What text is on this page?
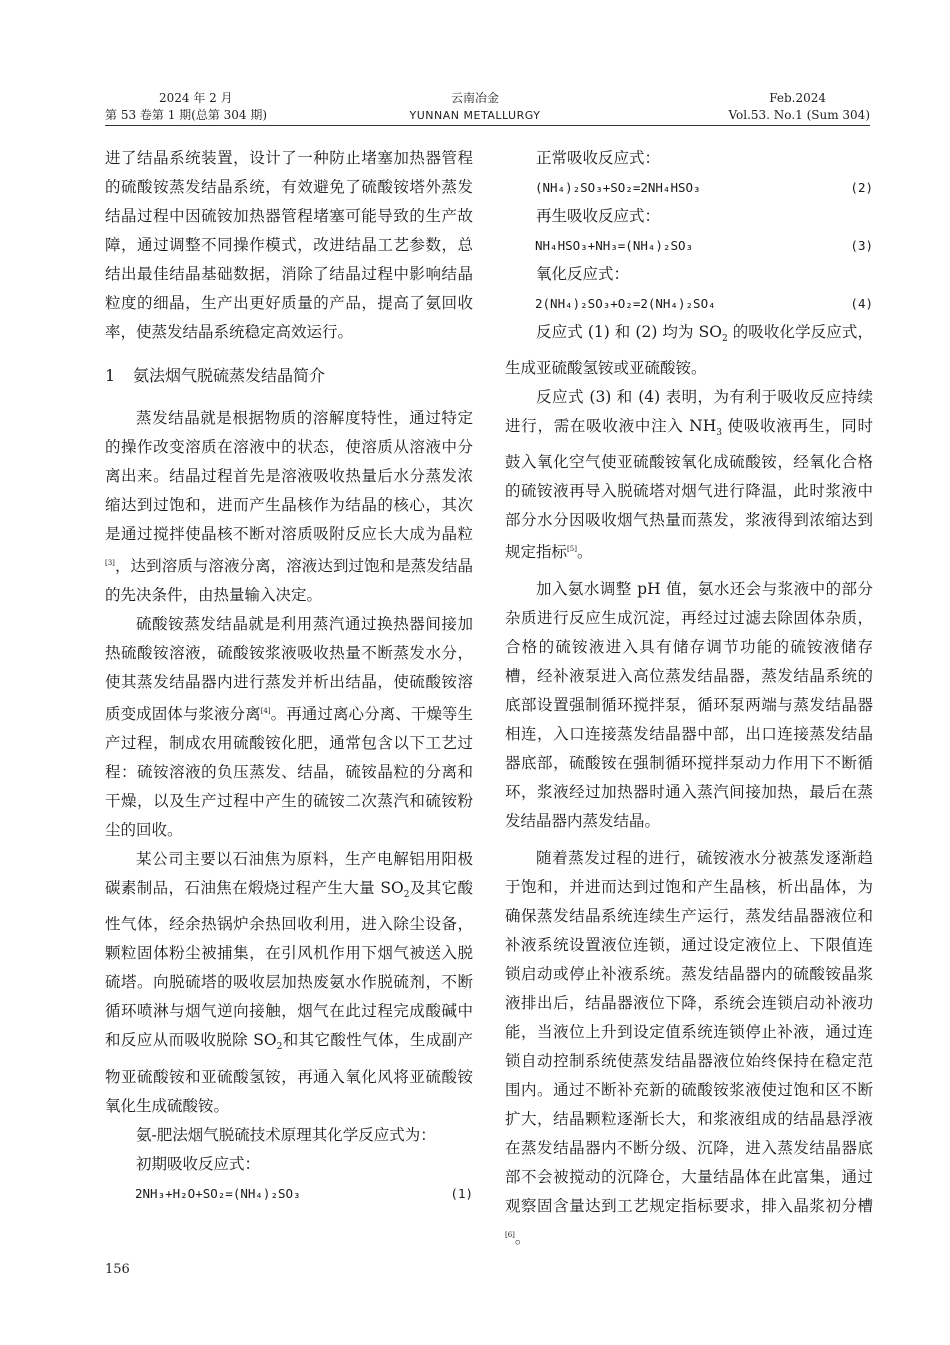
2024 年 2 月
第 53 卷第 1 期(总第 304 期)
云南冶金
YUNNAN METALLURGY
Feb.2024
Vol.53. No.1 (Sum 304)

进了结晶系统装置，设计了一种防止堵塞加热器管程的硫酸铵蒸发结晶系统，有效避免了硫酸铵塔外蒸发结晶过程中因硫铵加热器管程堵塞可能导致的生产故障，通过调整不同操作模式，改进结晶工艺参数，总结出最佳结晶基础数据，消除了结晶过程中影响结晶粒度的细晶，生产出更好质量的产品，提高了氨回收率，使蒸发结晶系统稳定高效运行。

1 氨法烟气脱硫蒸发结晶简介

蒸发结晶就是根据物质的溶解度特性，通过特定的操作改变溶质在溶液中的状态，使溶质从溶液中分离出来。结晶过程首先是溶液吸收热量后水分蒸发浓缩达到过饱和，进而产生晶核作为结晶的核心，其次是通过搅拌使晶核不断对溶质吸附反应长大成为晶粒[3]，达到溶质与溶液分离，溶液达到过饱和是蒸发结晶的先决条件，由热量输入决定。

硫酸铵蒸发结晶就是利用蒸汽通过换热器间接加热硫酸铵溶液，硫酸铵浆液吸收热量不断蒸发水分，使其蒸发结晶器内进行蒸发并析出结晶，使硫酸铵溶质变成固体与浆液分离[4]。再通过离心分离、干燥等生产过程，制成农用硫酸铵化肥，通常包含以下工艺过程：硫铵溶液的负压蒸发、结晶，硫铵晶粒的分离和干燥，以及生产过程中产生的硫铵二次蒸汽和硫铵粉尘的回收。

某公司主要以石油焦为原料，生产电解铝用阳极碳素制品，石油焦在煅烧过程产生大量 $SO_2$及其它酸性气体，经余热锅炉余热回收利用，进入除尘设备，颗粒固体粉尘被捕集，在引风机作用下烟气被送入脱硫塔。向脱硫塔的吸收层加热废氨水作脱硫剂，不断循环喷淋与烟气逆向接触，烟气在此过程完成酸碱中和反应从而吸收脱除 $SO_2$和其它酸性气体，生成副产物亚硫酸铵和亚硫酸氢铵，再通入氧化风将亚硫酸铵氧化生成硫酸铵。

氨-肥法烟气脱硫技术原理其化学反应式为：

初期吸收反应式：

2NH₃+H₂O+SO₂=(NH₄)₂SO₃	(1)

正常吸收反应式：

(NH₄)₂SO₃+SO₂=2NH₄HSO₃	(2)

再生吸收反应式：

NH₄HSO₃+NH₃=(NH₄)₂SO₃	(3)

氧化反应式：

2(NH₄)₂SO₃+O₂=2(NH₄)₂SO₄	(4)

反应式 (1) 和 (2) 均为 $SO_2$ 的吸收化学反应式，生成亚硫酸氢铵或亚硫酸铵。

反应式 (3) 和 (4) 表明，为有利于吸收反应持续进行，需在吸收液中注入 $NH_3$ 使吸收液再生，同时鼓入氧化空气使亚硫酸铵氧化成硫酸铵，经氧化合格的硫铵液再导入脱硫塔对烟气进行降温，此时浆液中部分水分因吸收烟气热量而蒸发，浆液得到浓缩达到规定指标[5]。

加入氨水调整 pH 值，氨水还会与浆液中的部分杂质进行反应生成沉淀，再经过过滤去除固体杂质，合格的硫铵液进入具有储存调节功能的硫铵液储存槽，经补液泵进入高位蒸发结晶器，蒸发结晶系统的底部设置强制循环搅拌泵，循环泵两端与蒸发结晶器相连，入口连接蒸发结晶器中部，出口连接蒸发结晶器底部，硫酸铵在强制循环搅拌泵动力作用下不断循环，浆液经过加热器时通入蒸汽间接加热，最后在蒸发结晶器内蒸发结晶。

随着蒸发过程的进行，硫铵液水分被蒸发逐渐趋于饱和，并进而达到过饱和产生晶核，析出晶体，为确保蒸发结晶系统连续生产运行，蒸发结晶器液位和补液系统设置液位连锁，通过设定液位上、下限值连锁启动或停止补液系统。蒸发结晶器内的硫酸铵晶浆液排出后，结晶器液位下降，系统会连锁启动补液功能，当液位上升到设定值系统连锁停止补液，通过连锁自动控制系统使蒸发结晶器液位始终保持在稳定范围内。通过不断补充新的硫酸铵浆液使过饱和区不断扩大，结晶颗粒逐渐长大，和浆液组成的结晶悬浮液在蒸发结晶器内不断分级、沉降，进入蒸发结晶器底部不会被搅动的沉降仓，大量结晶体在此富集，通过观察固含量达到工艺规定指标要求，排入晶浆初分槽[6]。

156
